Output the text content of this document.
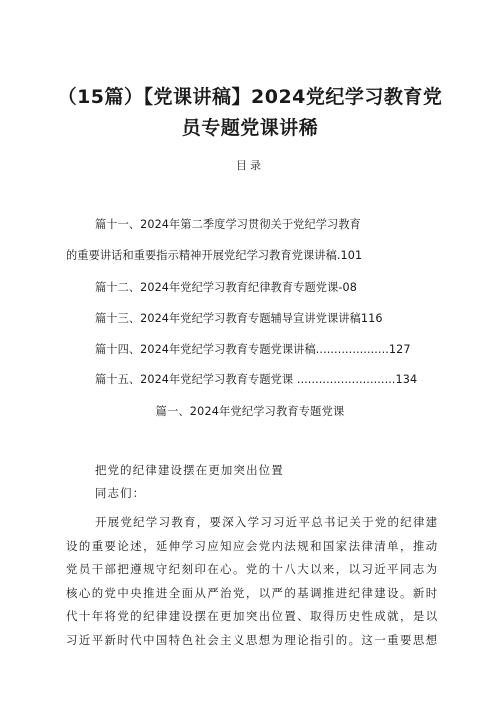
（15篇）【党课讲稿】2024党纪学习教育党
员专题党课讲稀
目录
篇十一、2024年第二季度学习贯彻关于党纪学习教育
的重要讲话和重要指示精神开展党纪学习教育党课讲稿.101
篇十二、2024年党纪学习教育纪律教育专题党课-08
篇十三、2024年党纪学习教育专题辅导宣讲党课讲稿116
篇十四、2024年党纪学习教育专题党课讲稿....................127
篇十五、2024年党纪学习教育专题党课 ...........................134
篇一、2024年党纪学习教育专题党课
把党的纪律建设摆在更加突出位置
同志们：

开展党纪学习教育，要深入学习习近平总书记关于党的纪律建
设的重要论述，延伸学习应知应会党内法规和国家法律清单，推动
党员干部把遵规守纪刻印在心。党的十八大以来，以习近平同志为
核心的党中央推进全面从严治党，以严的基调推进纪律建设。新时
代十年将党的纪律建设摆在更加突出位置、取得历史性成就，是以
习近平新时代中国特色社会主义思想为理论指引的。这一重要思想
